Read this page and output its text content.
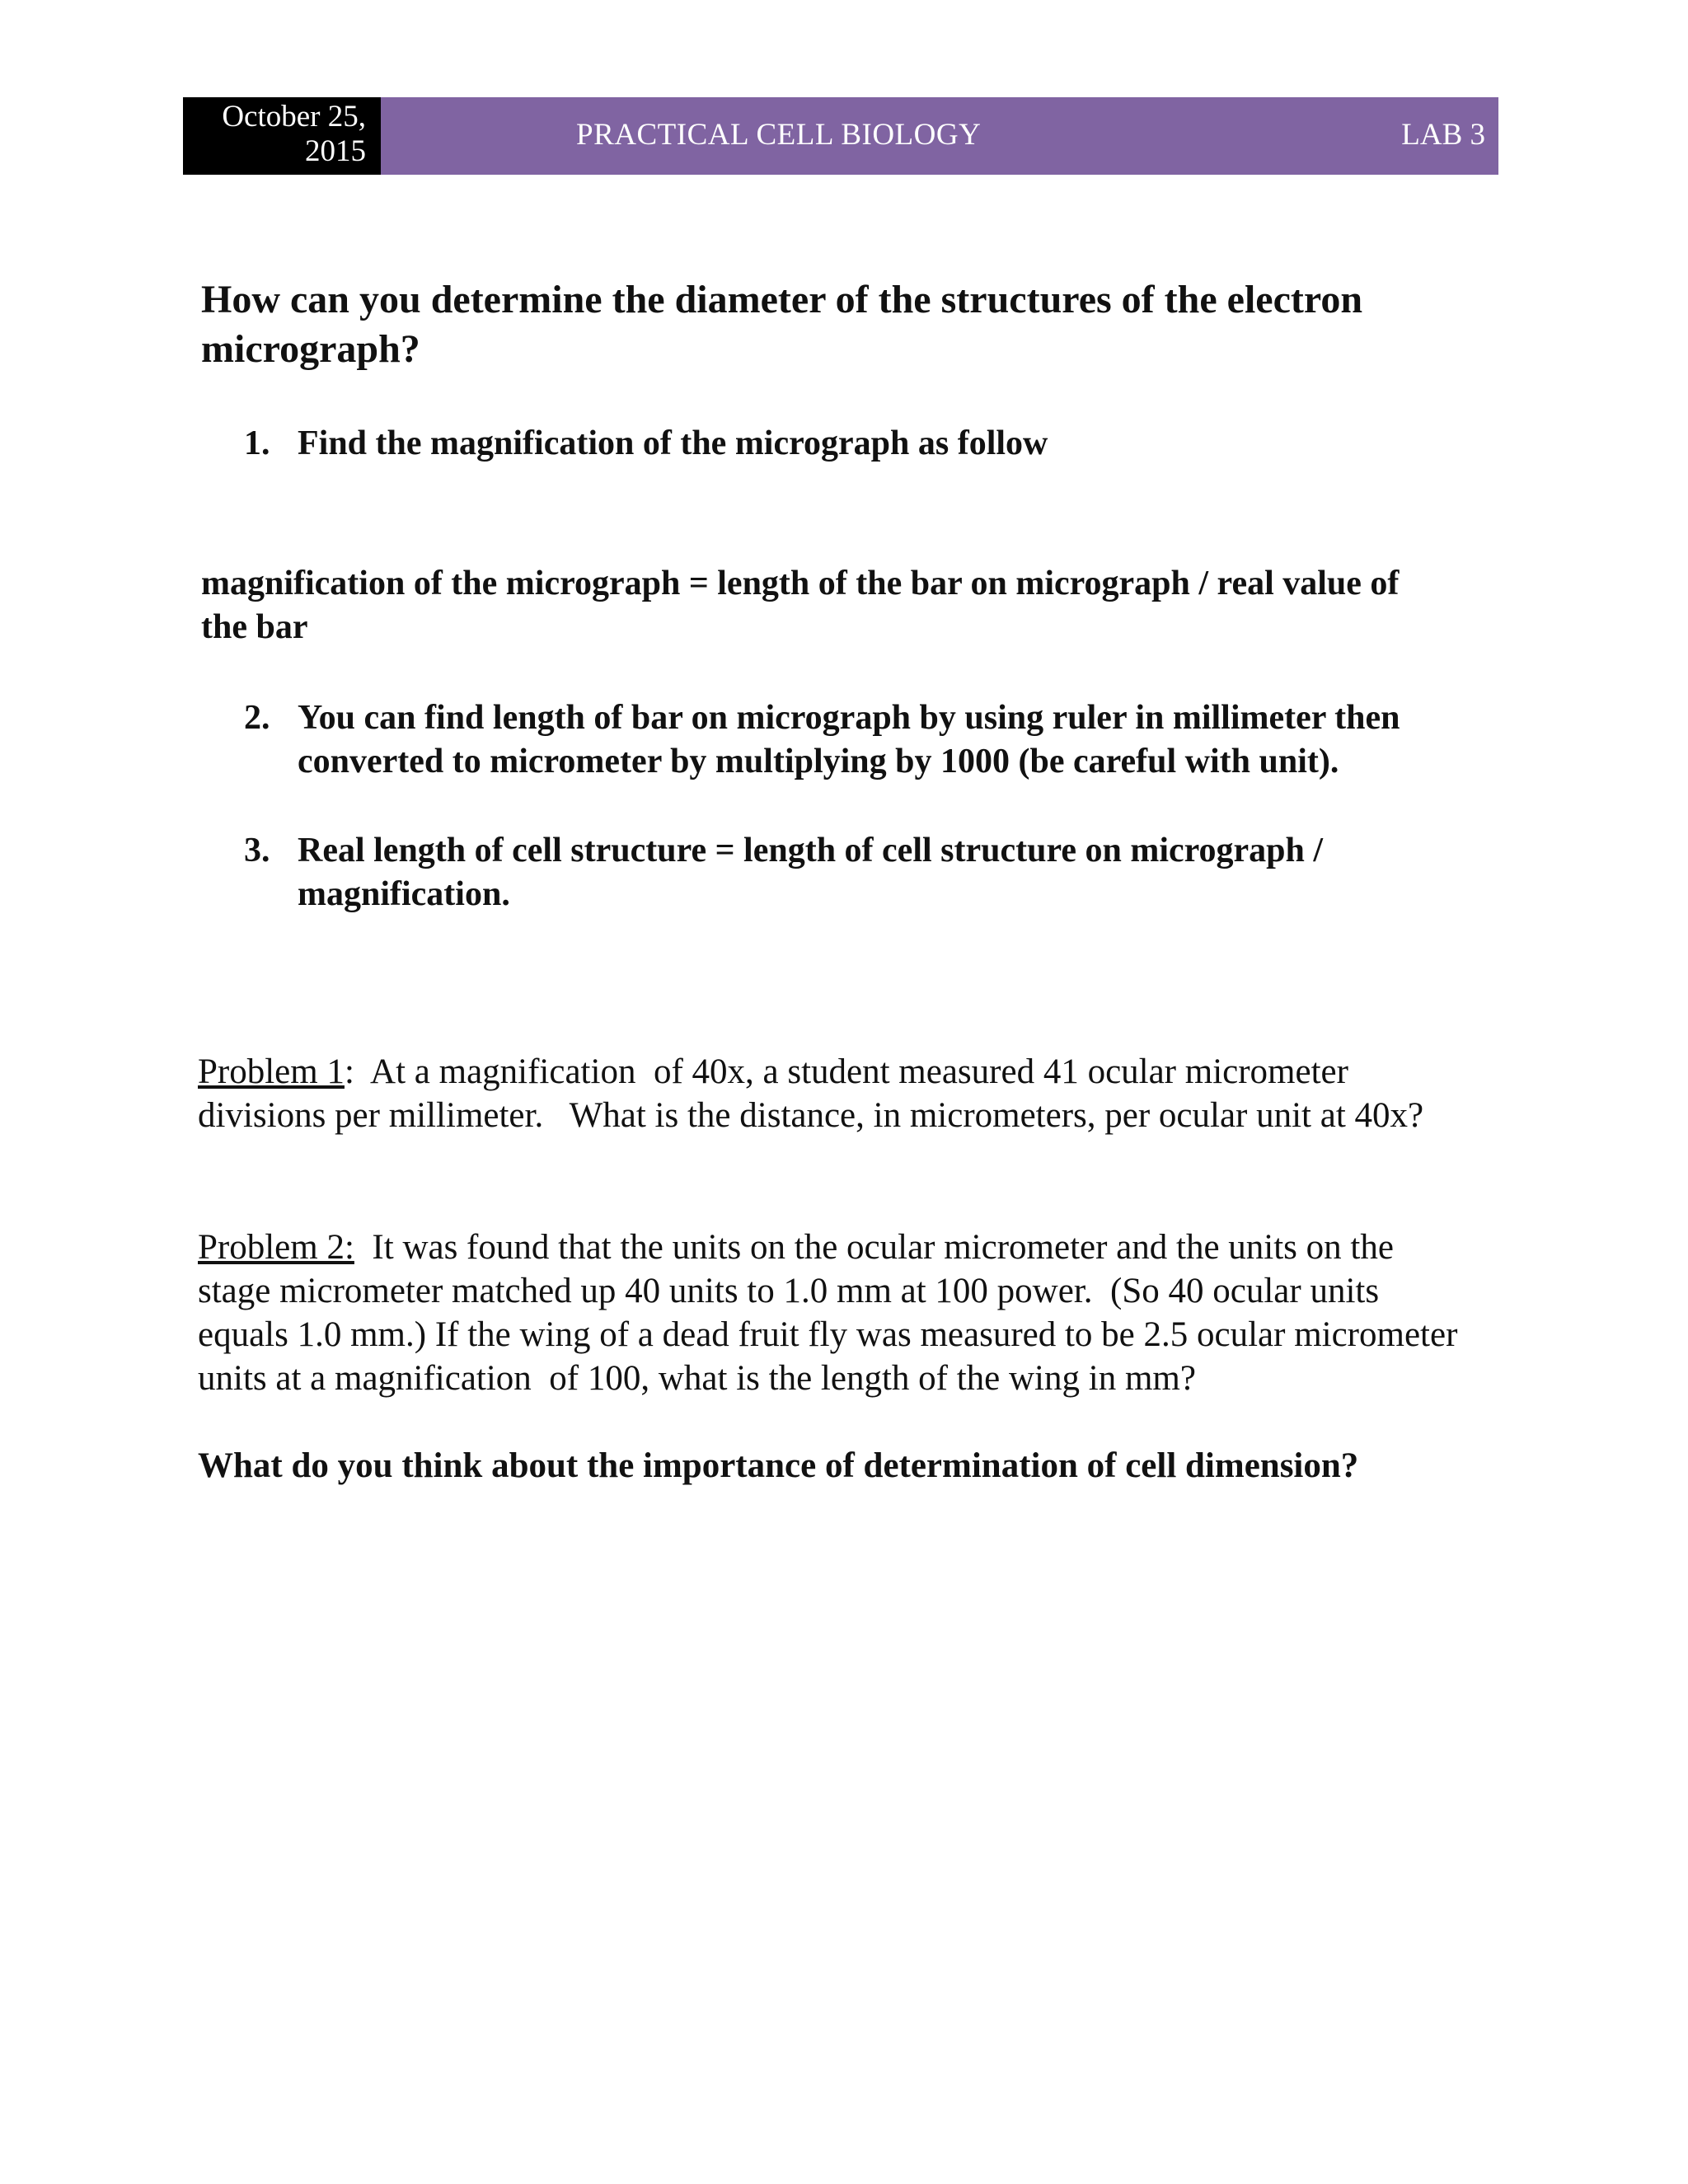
October 25,
2015	PRACTICAL CELL BIOLOGY	LAB 3
How can you determine the diameter of the structures of the electron micrograph?
1. Find the magnification of the micrograph as follow
magnification of the micrograph = length of the bar on micrograph / real value of the bar
2. You can find length of bar on micrograph by using ruler in millimeter then converted to micrometer by multiplying by 1000 (be careful with unit).
3. Real length of cell structure = length of cell structure on micrograph / magnification.
Problem 1:  At a magnification  of 40x, a student measured 41 ocular micrometer divisions per millimeter.   What is the distance, in micrometers, per ocular unit at 40x?
Problem 2:  It was found that the units on the ocular micrometer and the units on the stage micrometer matched up 40 units to 1.0 mm at 100 power.  (So 40 ocular units equals 1.0 mm.) If the wing of a dead fruit fly was measured to be 2.5 ocular micrometer units at a magnification  of 100, what is the length of the wing in mm?
What do you think about the importance of determination of cell dimension?
